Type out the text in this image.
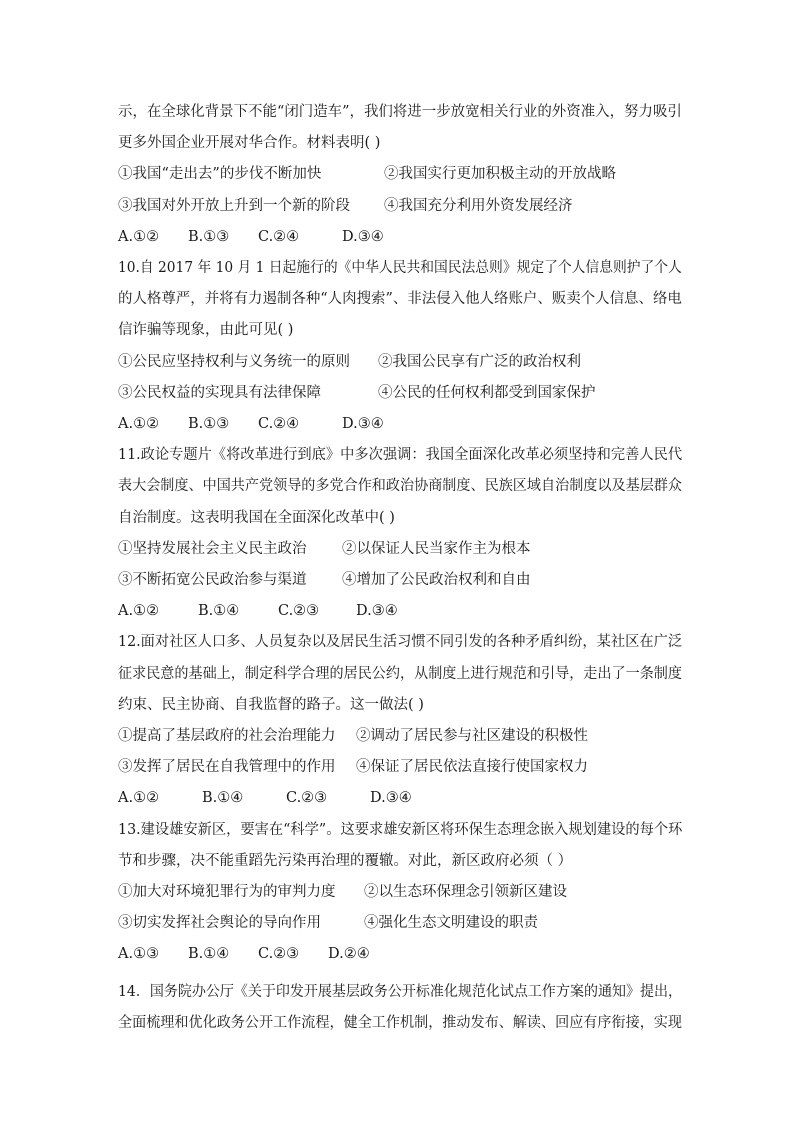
示，在全球化背景下不能“闭门造车”，我们将进一步放宽相关行业的外资准入，努力吸引
更多外国企业开展对华合作。材料表明( )
①我国“走出去”的步伐不断加快	②我国实行更加积极主动的开放战略
③我国对外开放上升到一个新的阶段 ④我国充分利用外资发展经济
A.①② B.①③ C.②④	D.③④
10.自 2017 年 10 月 1 日起施行的《中华人民共和国民法总则》规定了个人信息则护了个人
的人格尊严，并将有力遏制各种“人肉搜索”、非法侵入他人络账户、贩卖个人信息、络电
信诈骗等现象，由此可见( )
①公民应坚持权利与义务统一的原则 ②我国公民享有广泛的政治权利
③公民权益的实现具有法律保障	④公民的任何权利都受到国家保护
A.①② B.①③ C.②④	D.③④
11.政论专题片《将改革进行到底》中多次强调：我国全面深化改革必须坚持和完善人民代
表大会制度、中国共产党领导的多党合作和政治协商制度、民族区域自治制度以及基层群众
自治制度。这表明我国在全面深化改革中( )
①坚持发展社会主义民主政治 ②以保证人民当家作主为根本
③不断拓宽公民政治参与渠道 ④增加了公民政治权利和自由
A.①②	B.①④	C.②③	D.③④
12.面对社区人口多、人员复杂以及居民生活习惯不同引发的各种矛盾纠纷，某社区在广泛
征求民意的基础上，制定科学合理的居民公约，从制度上进行规范和引导，走出了一条制度
约束、民主协商、自我监督的路子。这一做法( )
①提高了基层政府的社会治理能力 ②调动了居民参与社区建设的积极性
③发挥了居民在自我管理中的作用 ④保证了居民依法直接行使国家权力
A.①②	B.①④	C.②③	D.③④
13.建设雄安新区，要害在“科学”。这要求雄安新区将环保生态理念嵌入规划建设的每个环
节和步骤，决不能重蹈先污染再治理的覆辙。对此，新区政府必须（ ）
①加大对环境犯罪行为的审判力度 ②以生态环保理念引领新区建设
③切实发挥社会舆论的导向作用	④强化生态文明建设的职责
A.①③ B.①④ C.②③ D.②④
14．国务院办公厅《关于印发开展基层政务公开标准化规范化试点工作方案的通知》提出，
全面梳理和优化政务公开工作流程，健全工作机制，推动发布、解读、回应有序衔接，实现
